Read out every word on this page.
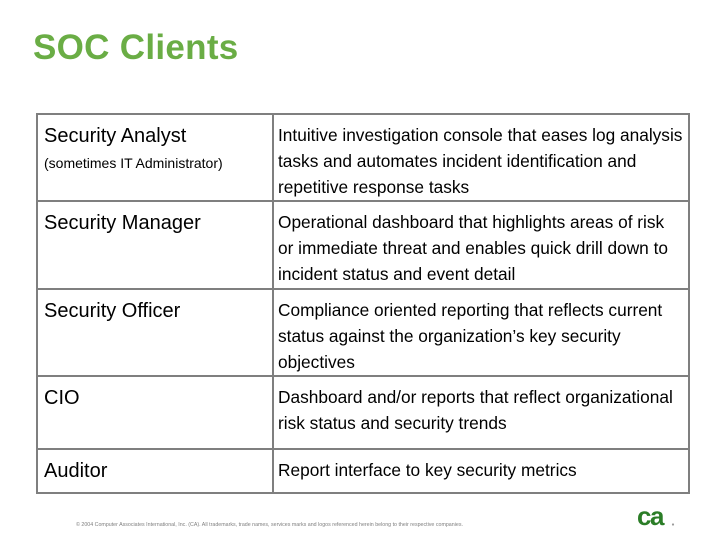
SOC Clients
Security Analyst
(sometimes IT Administrator)	Intuitive investigation console that eases log analysis tasks and automates incident identification and repetitive response tasks
Security Manager	Operational dashboard that highlights areas of risk or immediate threat and enables quick drill down to incident status and event detail
Security Officer	Compliance oriented reporting that reflects current status against the organization’s key security objectives
CIO	Dashboard and/or reports that reflect organizational risk status and security trends
Auditor	Report interface to key security metrics
© 2004 Computer Associates International, Inc. (CA). All trademarks, trade names, services marks and logos referenced herein belong to their respective companies.	ca
